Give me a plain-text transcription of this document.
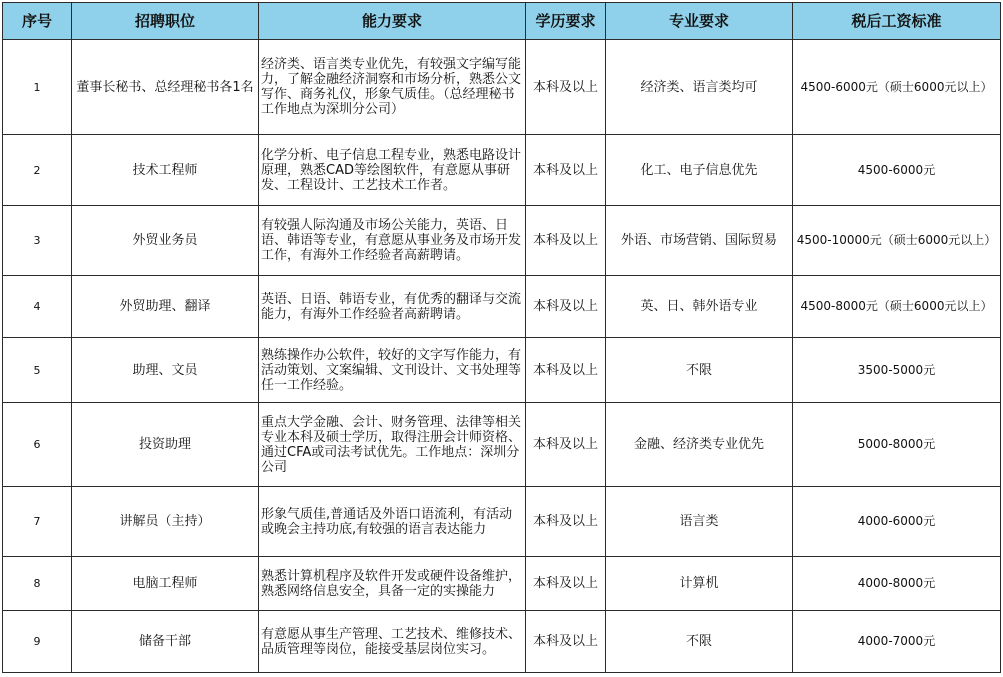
序号	招聘职位	能力要求	学历要求	专业要求	税后工资标准
1	董事长秘书、总经理秘书各1名	经济类、语言类专业优先，有较强文字编写能力，了解金融经济洞察和市场分析，熟悉公文写作、商务礼仪，形象气质佳。（总经理秘书工作地点为深圳分公司）	本科及以上	经济类、语言类均可	4500-6000元（硕士6000元以上）
2	技术工程师	化学分析、电子信息工程专业，熟悉电路设计原理，熟悉CAD等绘图软件，有意愿从事研发、工程设计、工艺技术工作者。	本科及以上	化工、电子信息优先	4500-6000元
3	外贸业务员	有较强人际沟通及市场公关能力，英语、日语、韩语等专业，有意愿从事业务及市场开发工作，有海外工作经验者高薪聘请。	本科及以上	外语、市场营销、国际贸易	4500-10000元（硕士6000元以上）
4	外贸助理、翻译	英语、日语、韩语专业，有优秀的翻译与交流能力，有海外工作经验者高薪聘请。	本科及以上	英、日、韩外语专业	4500-8000元（硕士6000元以上）
5	助理、文员	熟练操作办公软件，较好的文字写作能力，有活动策划、文案编辑、文刊设计、文书处理等任一工作经验。	本科及以上	不限	3500-5000元
6	投资助理	重点大学金融、会计、财务管理、法律等相关专业本科及硕士学历，取得注册会计师资格、通过CFA或司法考试优先。工作地点：深圳分公司	本科及以上	金融、经济类专业优先	5000-8000元
7	讲解员（主持）	形象气质佳,普通话及外语口语流利，有活动或晚会主持功底,有较强的语言表达能力	本科及以上	语言类	4000-6000元
8	电脑工程师	熟悉计算机程序及软件开发或硬件设备维护，熟悉网络信息安全，具备一定的实操能力	本科及以上	计算机	4000-8000元
9	储备干部	有意愿从事生产管理、工艺技术、维修技术、品质管理等岗位，能接受基层岗位实习。	本科及以上	不限	4000-7000元
